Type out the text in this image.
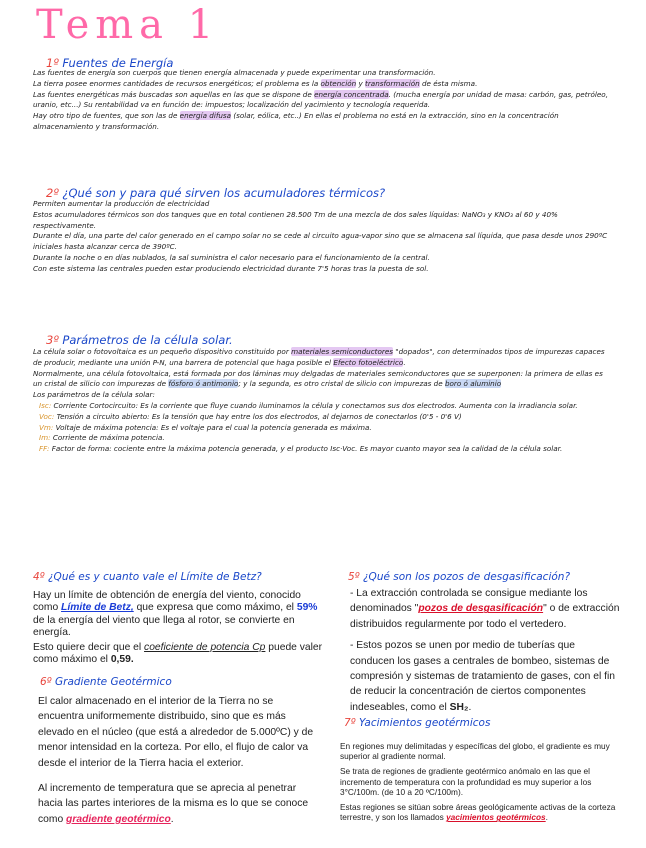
Tema 1
1º Fuentes de Energía

Las fuentes de energía son cuerpos que tienen energía almacenada y puede experimentar una transformación.

La tierra posee enormes cantidades de recursos energéticos; el problema es la obtención y transformación de ésta misma.

Las fuentes energéticas más buscadas son aquellas en las que se dispone de energía concentrada. (mucha energía por unidad de masa: carbón, gas, petróleo, uranio, etc...) Su rentabilidad va en función de: impuestos; localización del yacimiento y tecnología requerida.

Hay otro tipo de fuentes, que son las de energía difusa (solar, eólica, etc..) En ellas el problema no está en la extracción, sino en la concentración almacenamiento y transformación.

2º ¿Qué son y para qué sirven los acumuladores térmicos?

Permiten aumentar la producción de electricidad

Estos acumuladores térmicos son dos tanques que en total contienen 28.500 Tm de una mezcla de dos sales líquidas: NaNO₃ y KNO₃ al 60 y 40% respectivamente.

Durante el día, una parte del calor generado en el campo solar no se cede al circuito agua-vapor sino que se almacena sal líquida, que pasa desde unos 290ºC iniciales hasta alcanzar cerca de 390ºC.

Durante la noche o en días nublados, la sal suministra el calor necesario para el funcionamiento de la central.

Con este sistema las centrales pueden estar produciendo electricidad durante 7'5 horas tras la puesta de sol.

3º Parámetros de la célula solar.

La célula solar o fotovoltaica es un pequeño dispositivo constituido por materiales semiconductores "dopados", con determinados tipos de impurezas capaces de producir, mediante una unión P-N, una barrera de potencial que haga posible el Efecto fotoeléctrico.

Normalmente, una célula fotovoltaica, está formada por dos láminas muy delgadas de materiales semiconductores que se superponen: la primera de ellas es un cristal de silicio con impurezas de fósforo ó antimonio; y la segunda, es otro cristal de silicio con impurezas de boro ó aluminio

Los parámetros de la célula solar:

Isc: Corriente Cortocircuito: Es la corriente que fluye cuando iluminamos la célula y conectamos sus dos electrodos. Aumenta con la irradiancia solar.

Voc: Tensión a circuito abierto: Es la tensión que hay entre los dos electrodos, al dejarnos de conectarlos (0'5 - 0'6 V)

Vm: Voltaje de máxima potencia: Es el voltaje para el cual la potencia generada es máxima.

Im: Corriente de máxima potencia.

FF: Factor de forma: cociente entre la máxima potencia generada, y el producto Isc·Voc. Es mayor cuanto mayor sea la calidad de la célula solar.

4º ¿Qué es y cuanto vale el Límite de Betz?

Hay un límite de obtención de energía del viento, conocido como Límite de Betz, que expresa que como máximo, el 59% de la energía del viento que llega al rotor, se convierte en energía.

Esto quiere decir que el coeficiente de potencia Cp puede valer como máximo el 0,59.

6º Gradiente Geotérmico

El calor almacenado en el interior de la Tierra no se encuentra uniformemente distribuido, sino que es más elevado en el núcleo (que está a alrededor de 5.000ºC) y de menor intensidad en la corteza. Por ello, el flujo de calor va desde el interior de la Tierra hacia el exterior.

Al incremento de temperatura que se aprecia al penetrar hacia las partes interiores de la misma es lo que se conoce como gradiente geotérmico.

5º ¿Qué son los pozos de desgasificación?
- La extracción controlada se consigue mediante los denominados "pozos de desgasificación" o de extracción distribuidos regularmente por todo el vertedero.
- Estos pozos se unen por medio de tuberías que conducen los gases a centrales de bombeo, sistemas de compresión y sistemas de tratamiento de gases, con el fin de reducir la concentración de ciertos componentes indeseables, como el SH₂.
7º Yacimientos geotérmicos

En regiones muy delimitadas y específicas del globo, el gradiente es muy superior al gradiente normal.

Se trata de regiones de gradiente geotérmico anómalo en las que el incremento de temperatura con la profundidad es muy superior a los 3°C/100m. (de 10 a 20 ºC/100m).

Estas regiones se sitúan sobre áreas geológicamente activas de la corteza terrestre, y son los llamados yacimientos geotérmicos.
